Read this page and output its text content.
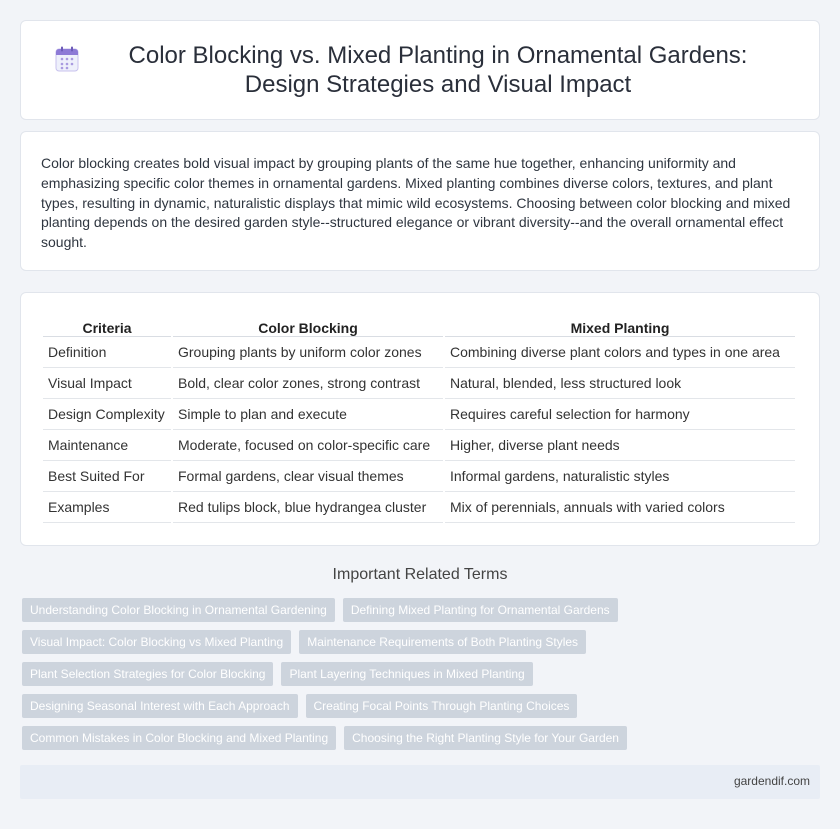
Color Blocking vs. Mixed Planting in Ornamental Gardens: Design Strategies and Visual Impact

Color blocking creates bold visual impact by grouping plants of the same hue together, enhancing uniformity and emphasizing specific color themes in ornamental gardens. Mixed planting combines diverse colors, textures, and plant types, resulting in dynamic, naturalistic displays that mimic wild ecosystems. Choosing between color blocking and mixed planting depends on the desired garden style--structured elegance or vibrant diversity--and the overall ornamental effect sought.

Criteria	Color Blocking	Mixed Planting
Definition	Grouping plants by uniform color zones	Combining diverse plant colors and types in one area
Visual Impact	Bold, clear color zones, strong contrast	Natural, blended, less structured look
Design Complexity	Simple to plan and execute	Requires careful selection for harmony
Maintenance	Moderate, focused on color-specific care	Higher, diverse plant needs
Best Suited For	Formal gardens, clear visual themes	Informal gardens, naturalistic styles
Examples	Red tulips block, blue hydrangea cluster	Mix of perennials, annuals with varied colors
Important Related Terms
Understanding Color Blocking in Ornamental Gardening	Defining Mixed Planting for Ornamental Gardens
Visual Impact: Color Blocking vs Mixed Planting	Maintenance Requirements of Both Planting Styles
Plant Selection Strategies for Color Blocking	Plant Layering Techniques in Mixed Planting
Designing Seasonal Interest with Each Approach	Creating Focal Points Through Planting Choices
Common Mistakes in Color Blocking and Mixed Planting	Choosing the Right Planting Style for Your Garden
gardendif.com
